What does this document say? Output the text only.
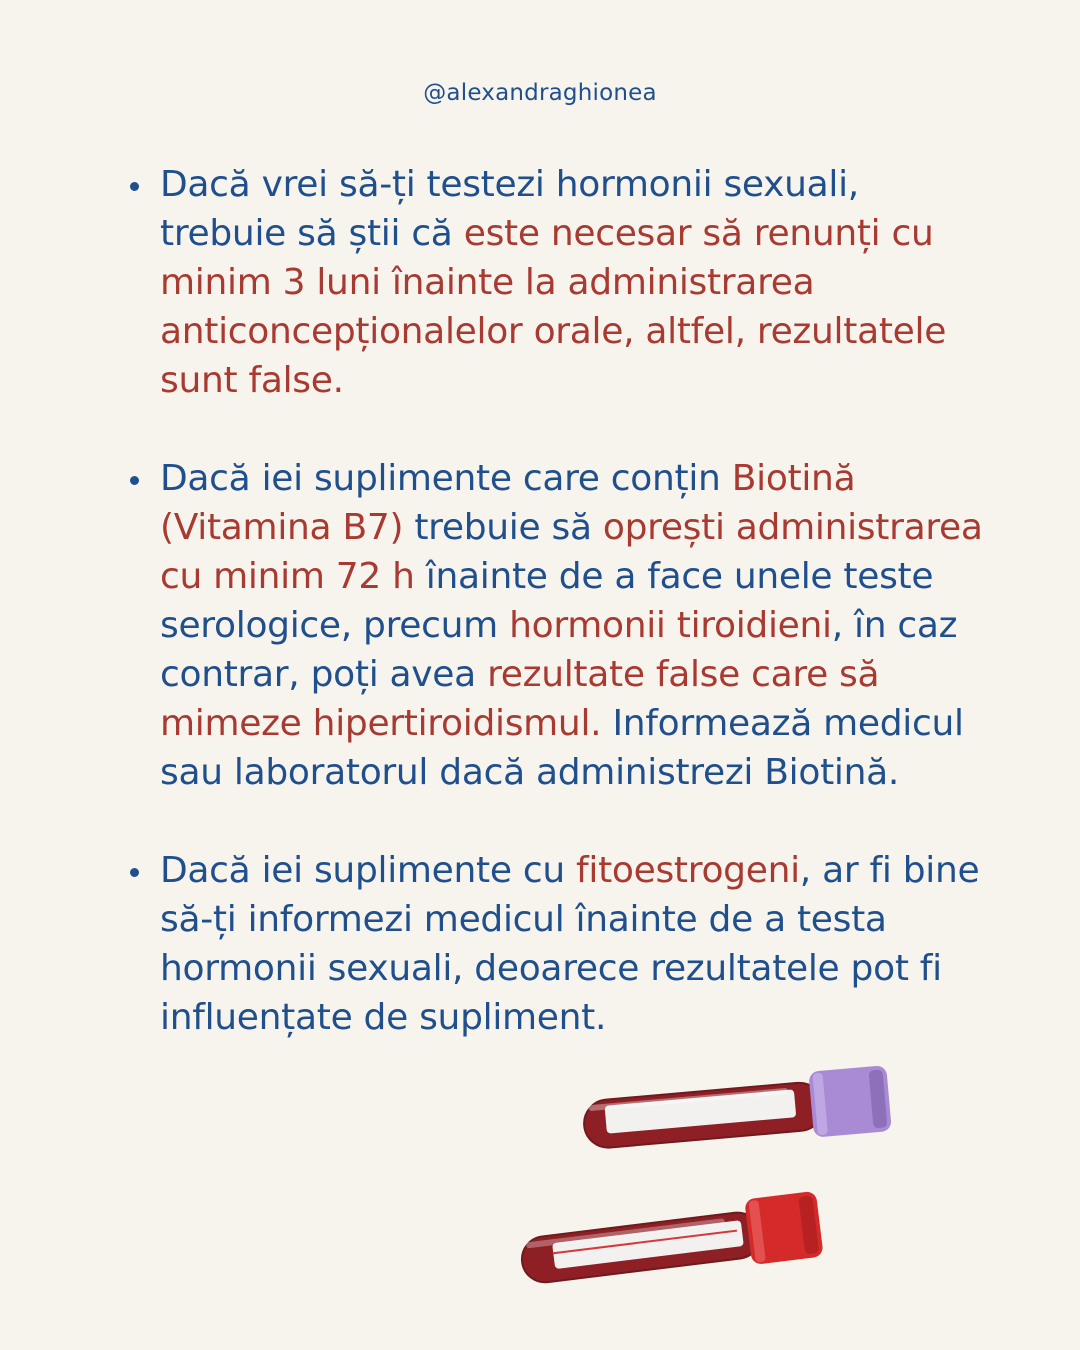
@alexandraghionea
Dacă vrei să-ți testezi hormonii sexuali, trebuie să știi că este necesar să renunți cu minim 3 luni înainte la administrarea anticoncepționalelor orale, altfel, rezultatele sunt false.
Dacă iei suplimente care conțin Biotină (Vitamina B7) trebuie să oprești administrarea cu minim 72 h înainte de a face unele teste serologice, precum hormonii tiroidieni, în caz contrar, poți avea rezultate false care să mimeze hipertiroidismul. Informează medicul sau laboratorul dacă administrezi Biotină.
Dacă iei suplimente cu fitoestrogeni, ar fi bine să-ți informezi medicul înainte de a testa hormonii sexuali, deoarece rezultatele pot fi influențate de supliment.
